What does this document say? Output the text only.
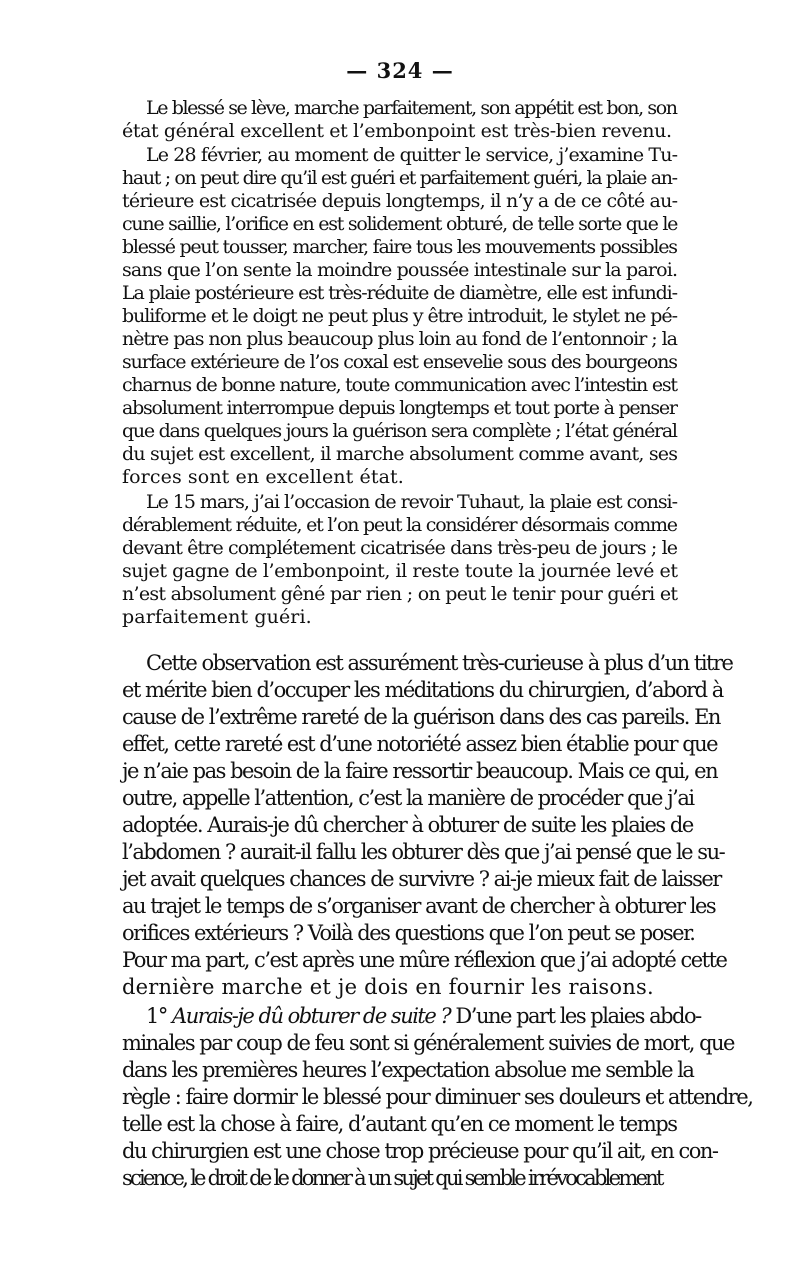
— 324 —
Le blessé se lève, marche parfaitement, son appétit est bon, son
état général excellent et l’embonpoint est très-bien revenu.
Le 28 février, au moment de quitter le service, j’examine Tu-
haut ; on peut dire qu’il est guéri et parfaitement guéri, la plaie an-
térieure est cicatrisée depuis longtemps, il n’y a de ce côté au-
cune saillie, l’orifice en est solidement obturé, de telle sorte que le
blessé peut tousser, marcher, faire tous les mouvements possibles
sans que l’on sente la moindre poussée intestinale sur la paroi.
La plaie postérieure est très-réduite de diamètre, elle est infundi-
buliforme et le doigt ne peut plus y être introduit, le stylet ne pé-
nètre pas non plus beaucoup plus loin au fond de l’entonnoir ; la
surface extérieure de l’os coxal est ensevelie sous des bourgeons
charnus de bonne nature, toute communication avec l’intestin est
absolument interrompue depuis longtemps et tout porte à penser
que dans quelques jours la guérison sera complète ; l’état général
du sujet est excellent, il marche absolument comme avant, ses
forces sont en excellent état.
Le 15 mars, j’ai l’occasion de revoir Tuhaut, la plaie est consi-
dérablement réduite, et l’on peut la considérer désormais comme
devant être complétement cicatrisée dans très-peu de jours ; le
sujet gagne de l’embonpoint, il reste toute la journée levé et
n’est absolument gêné par rien ; on peut le tenir pour guéri et
parfaitement guéri.
Cette observation est assurément très-curieuse à plus d’un titre
et mérite bien d’occuper les méditations du chirurgien, d’abord à
cause de l’extrême rareté de la guérison dans des cas pareils. En
effet, cette rareté est d’une notoriété assez bien établie pour que
je n’aie pas besoin de la faire ressortir beaucoup. Mais ce qui, en
outre, appelle l’attention, c’est la manière de procéder que j’ai
adoptée. Aurais-je dû chercher à obturer de suite les plaies de
l’abdomen ? aurait-il fallu les obturer dès que j’ai pensé que le su-
jet avait quelques chances de survivre ? ai-je mieux fait de laisser
au trajet le temps de s’organiser avant de chercher à obturer les
orifices extérieurs ? Voilà des questions que l’on peut se poser.
Pour ma part, c’est après une mûre réflexion que j’ai adopté cette
dernière marche et je dois en fournir les raisons.
1° Aurais-je dû obturer de suite ? D’une part les plaies abdo-
minales par coup de feu sont si généralement suivies de mort, que
dans les premières heures l’expectation absolue me semble la
règle : faire dormir le blessé pour diminuer ses douleurs et attendre,
telle est la chose à faire, d’autant qu’en ce moment le temps
du chirurgien est une chose trop précieuse pour qu’il ait, en con-
science, le droit de le donner à un sujet qui semble irrévocablement
